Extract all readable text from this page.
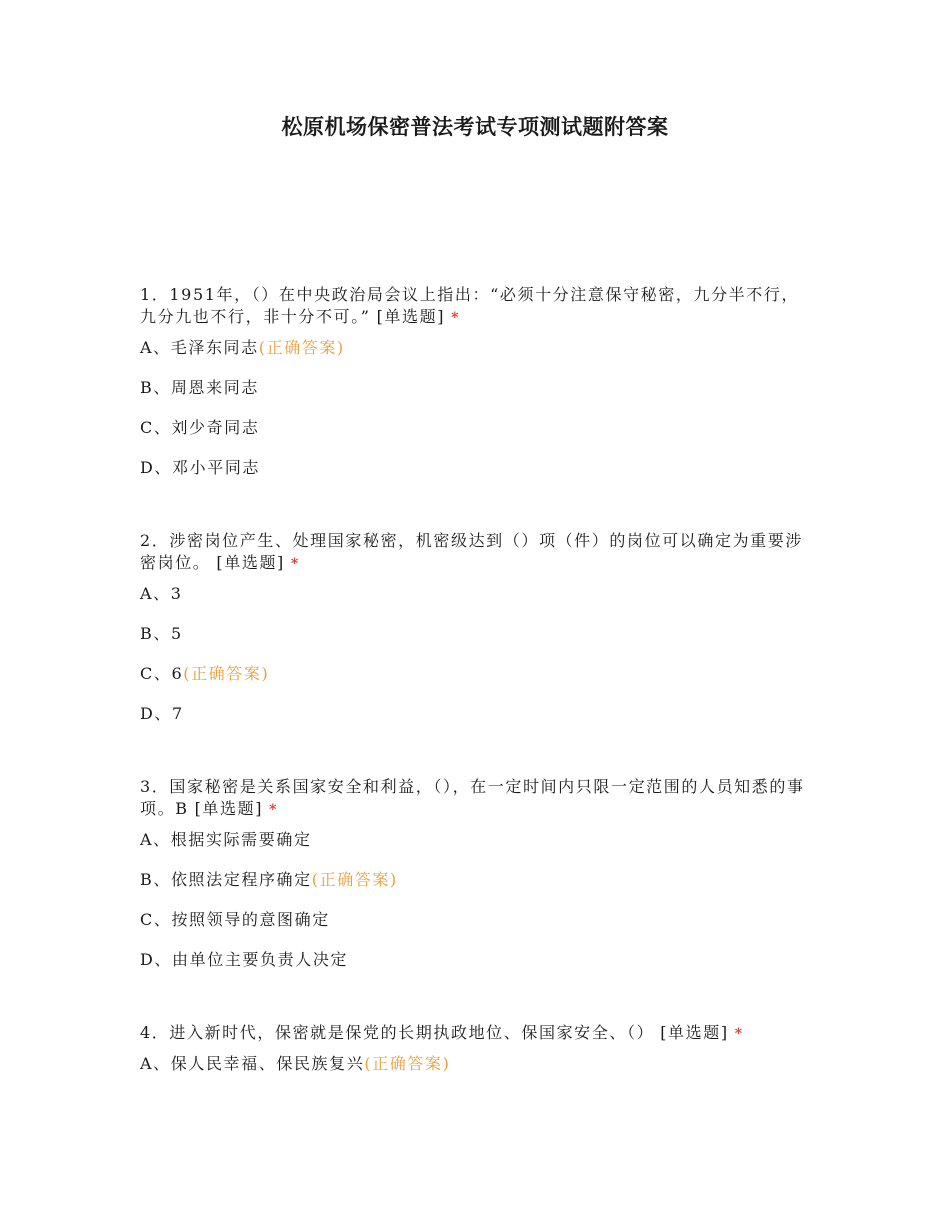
松原机场保密普法考试专项测试题附答案

1．1951年，（）在中央政治局会议上指出：“必须十分注意保守秘密，九分半不行，九分九也不行，非十分不可。” [单选题] *

A、毛泽东同志(正确答案)
B、周恩来同志
C、刘少奇同志
D、邓小平同志

2．涉密岗位产生、处理国家秘密，机密级达到（）项（件）的岗位可以确定为重要涉密岗位。 [单选题] *

A、3
B、5
C、6(正确答案)
D、7

3．国家秘密是关系国家安全和利益，（），在一定时间内只限一定范围的人员知悉的事项。B [单选题] *

A、根据实际需要确定
B、依照法定程序确定(正确答案)
C、按照领导的意图确定
D、由单位主要负责人决定

4．进入新时代，保密就是保党的长期执政地位、保国家安全、（） [单选题] *

A、保人民幸福、保民族复兴(正确答案)
